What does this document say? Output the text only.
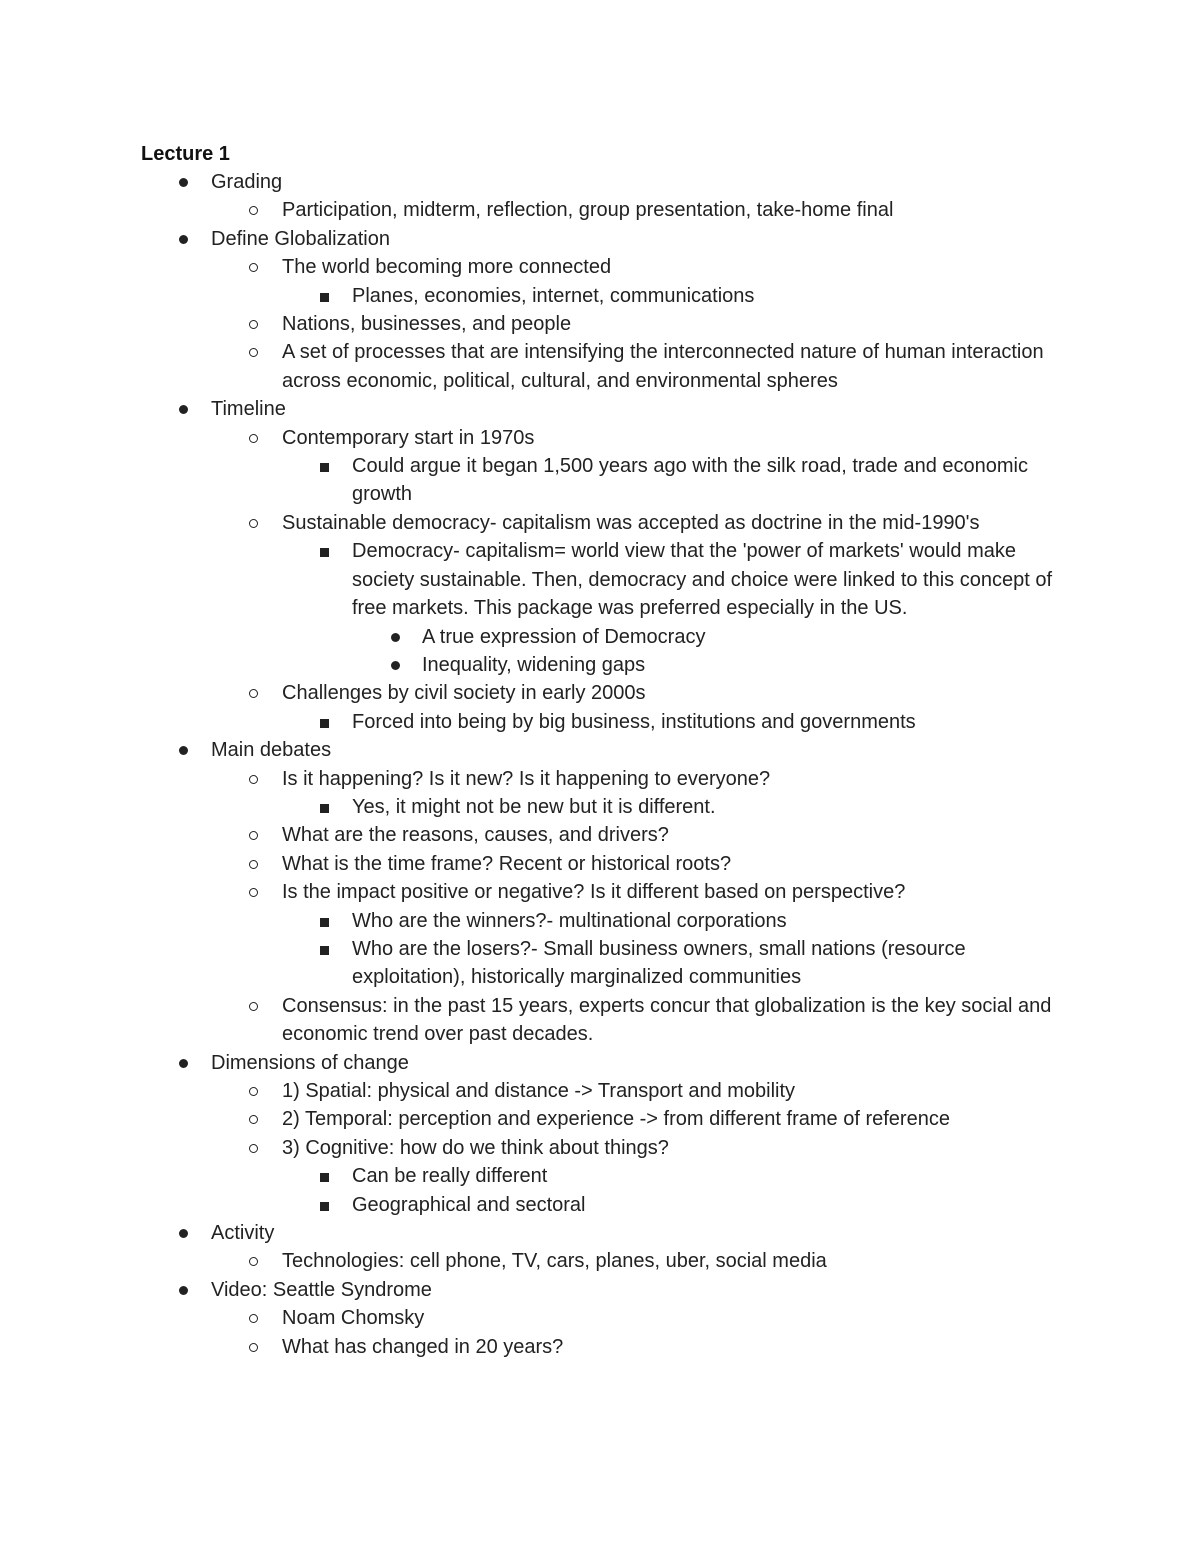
Lecture 1
Grading
Participation, midterm, reflection, group presentation, take-home final
Define Globalization
The world becoming more connected
Planes, economies, internet, communications
Nations, businesses, and people
A set of processes that are intensifying the interconnected nature of human interaction across economic, political, cultural, and environmental spheres
Timeline
Contemporary start in 1970s
Could argue it began 1,500 years ago with the silk road, trade and economic growth
Sustainable democracy- capitalism was accepted as doctrine in the mid-1990's
Democracy- capitalism= world view that the 'power of markets' would make society sustainable. Then, democracy and choice were linked to this concept of free markets. This package was preferred especially in the US.
A true expression of Democracy
Inequality, widening gaps
Challenges by civil society in early 2000s
Forced into being by big business, institutions and governments
Main debates
Is it happening? Is it new? Is it happening to everyone?
Yes, it might not be new but it is different.
What are the reasons, causes, and drivers?
What is the time frame? Recent or historical roots?
Is the impact positive or negative? Is it different based on perspective?
Who are the winners?- multinational corporations
Who are the losers?- Small business owners, small nations (resource exploitation), historically marginalized communities
Consensus: in the past 15 years, experts concur that globalization is the key social and economic trend over past decades.
Dimensions of change
1) Spatial: physical and distance -> Transport and mobility
2) Temporal: perception and experience -> from different frame of reference
3) Cognitive: how do we think about things?
Can be really different
Geographical and sectoral
Activity
Technologies: cell phone, TV, cars, planes, uber, social media
Video: Seattle Syndrome
Noam Chomsky
What has changed in 20 years?
